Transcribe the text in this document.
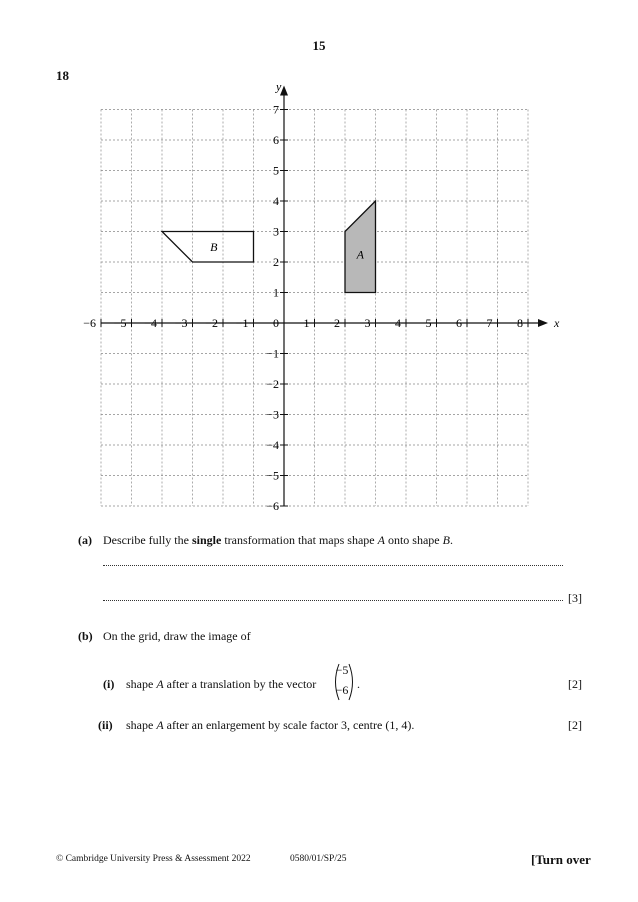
15
18
B
A
x
y
0
−6 −5 −4 −3 −2 −1	1 2 3 4 5 6 7 8
7
6
5
4
3
2
1
−1
−2
−3
−4
−5
−6
(a) Describe fully the single transformation that maps shape A onto shape B.
[3]
(b) On the grid, draw the image of
(i) shape A after a translation by the vector
−5
−6 .	[2]
(ii) shape A after an enlargement by scale factor 3, centre (1, 4).	[2]
© Cambridge University Press & Assessment 2022	0580/01/SP/25	[Turn over
